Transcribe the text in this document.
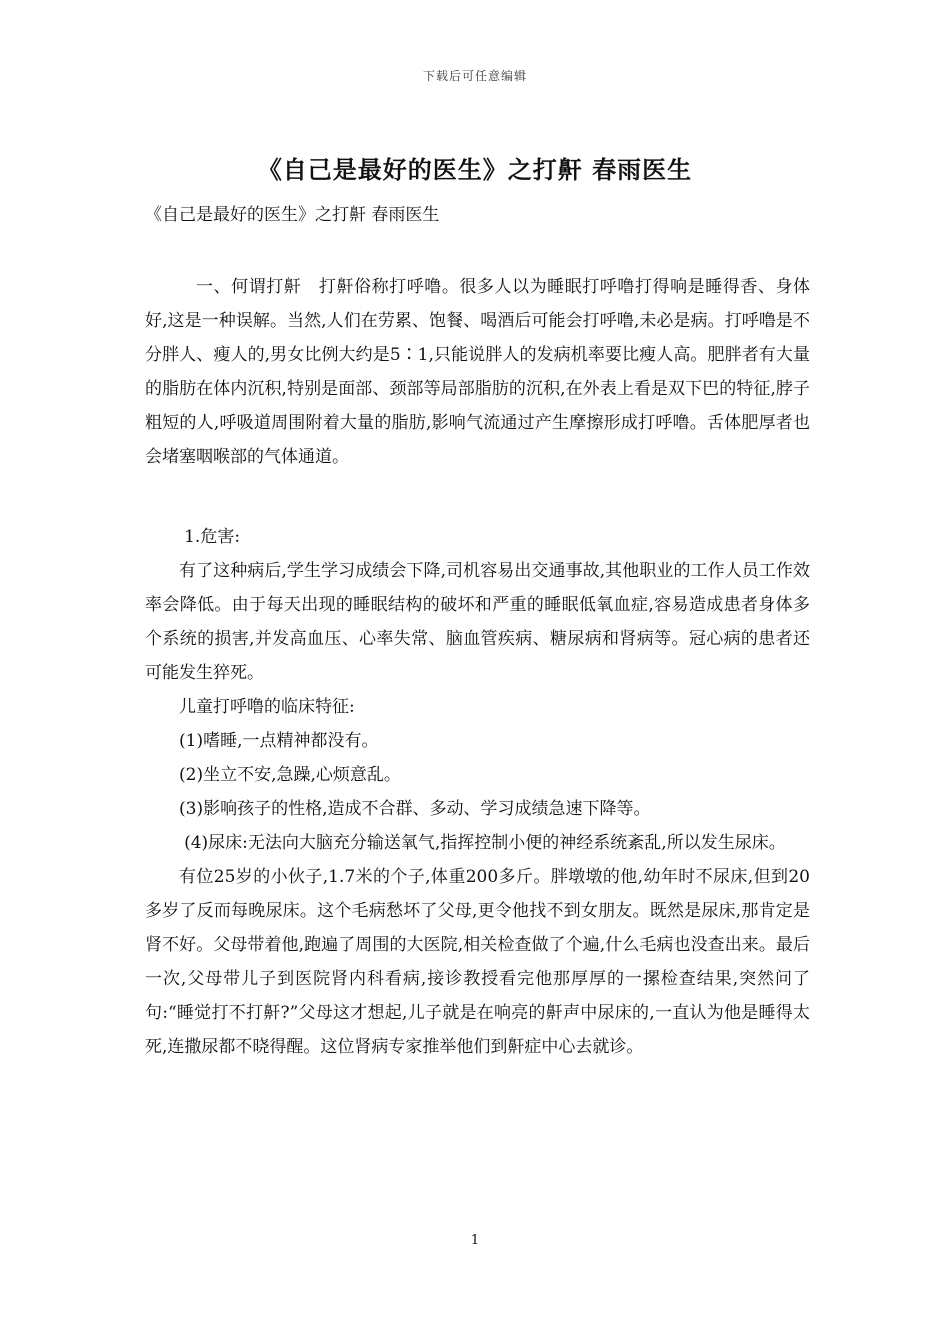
下载后可任意编辑
《自己是最好的医生》之打鼾 春雨医生
《自己是最好的医生》之打鼾 春雨医生

一、何谓打鼾　打鼾俗称打呼噜。很多人以为睡眠打呼噜打得响是睡得香、身体好,这是一种误解。当然,人们在劳累、饱餐、喝酒后可能会打呼噜,未必是病。打呼噜是不分胖人、瘦人的,男女比例大约是5∶1,只能说胖人的发病机率要比瘦人高。肥胖者有大量的脂肪在体内沉积,特别是面部、颈部等局部脂肪的沉积,在外表上看是双下巴的特征,脖子粗短的人,呼吸道周围附着大量的脂肪,影响气流通过产生摩擦形成打呼噜。舌体肥厚者也会堵塞咽喉部的气体通道。

1.危害:

有了这种病后,学生学习成绩会下降,司机容易出交通事故,其他职业的工作人员工作效率会降低。由于每天出现的睡眠结构的破坏和严重的睡眠低氧血症,容易造成患者身体多个系统的损害,并发高血压、心率失常、脑血管疾病、糖尿病和肾病等。冠心病的患者还可能发生猝死。

儿童打呼噜的临床特征:

(1)嗜睡,一点精神都没有。

(2)坐立不安,急躁,心烦意乱。

(3)影响孩子的性格,造成不合群、多动、学习成绩急速下降等。

(4)尿床:无法向大脑充分输送氧气,指挥控制小便的神经系统紊乱,所以发生尿床。

有位25岁的小伙子,1.7米的个子,体重200多斤。胖墩墩的他,幼年时不尿床,但到20多岁了反而每晚尿床。这个毛病愁坏了父母,更令他找不到女朋友。既然是尿床,那肯定是肾不好。父母带着他,跑遍了周围的大医院,相关检查做了个遍,什么毛病也没查出来。最后一次,父母带儿子到医院肾内科看病,接诊教授看完他那厚厚的一摞检查结果,突然问了句:“睡觉打不打鼾?”父母这才想起,儿子就是在响亮的鼾声中尿床的,一直认为他是睡得太死,连撒尿都不晓得醒。这位肾病专家推举他们到鼾症中心去就诊。

1
